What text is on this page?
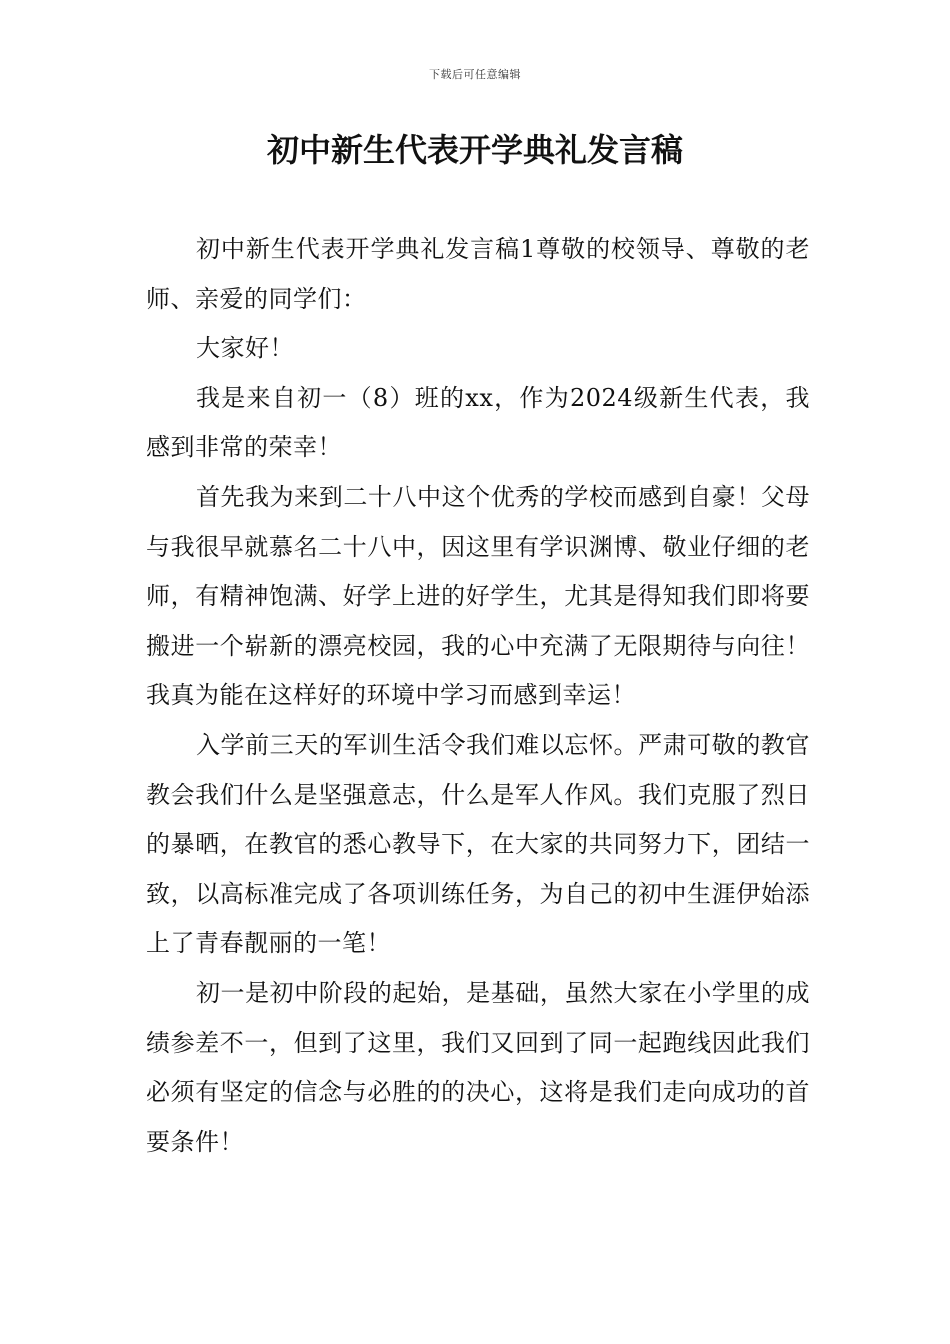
下载后可任意编辑
初中新生代表开学典礼发言稿

初中新生代表开学典礼发言稿1尊敬的校领导、尊敬的老师、亲爱的同学们：

大家好！

我是来自初一（8）班的xx，作为2024级新生代表，我感到非常的荣幸！

首先我为来到二十八中这个优秀的学校而感到自豪！父母与我很早就慕名二十八中，因这里有学识渊博、敬业仔细的老师，有精神饱满、好学上进的好学生，尤其是得知我们即将要搬进一个崭新的漂亮校园，我的心中充满了无限期待与向往！我真为能在这样好的环境中学习而感到幸运！

入学前三天的军训生活令我们难以忘怀。严肃可敬的教官教会我们什么是坚强意志，什么是军人作风。我们克服了烈日的暴晒，在教官的悉心教导下，在大家的共同努力下，团结一致，以高标准完成了各项训练任务，为自己的初中生涯伊始添上了青春靓丽的一笔！

初一是初中阶段的起始，是基础，虽然大家在小学里的成绩参差不一，但到了这里，我们又回到了同一起跑线因此我们必须有坚定的信念与必胜的的决心，这将是我们走向成功的首要条件！
